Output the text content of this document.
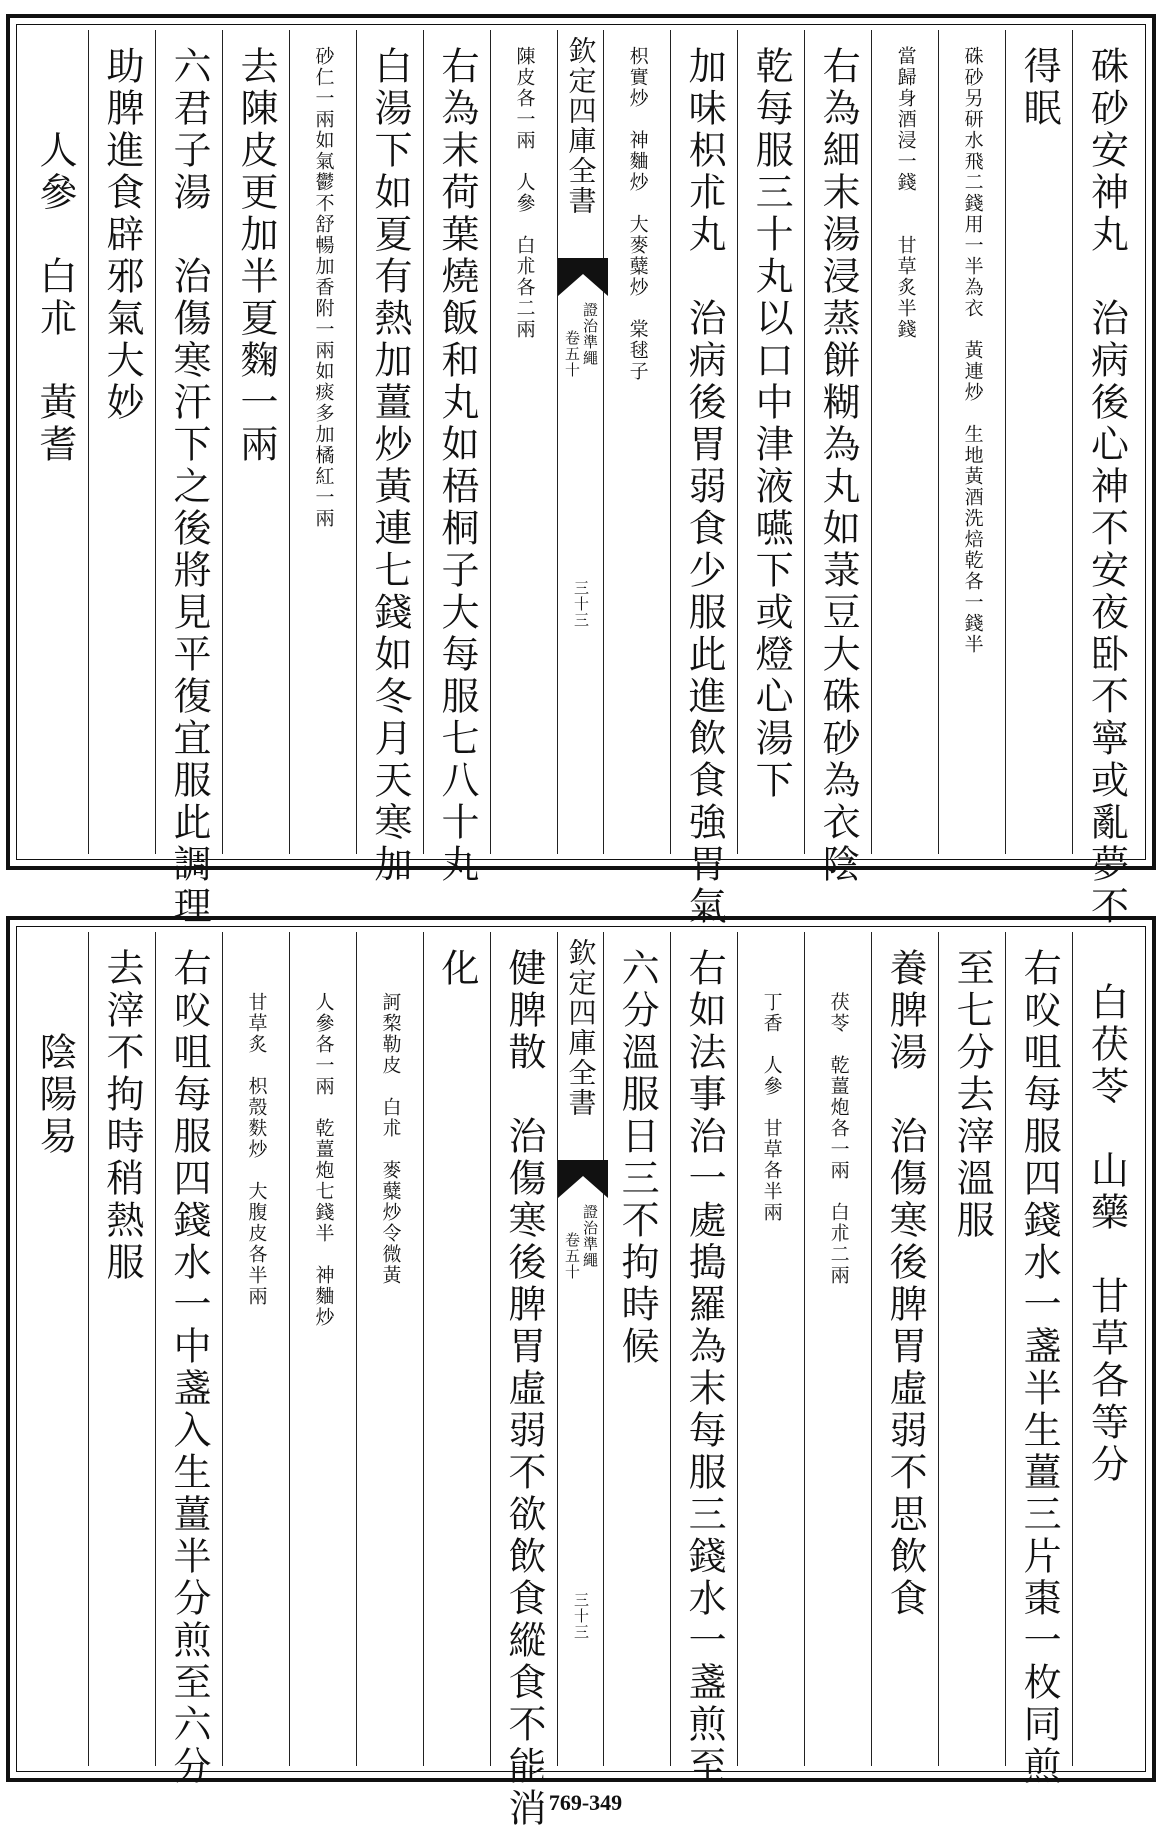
硃砂安神丸　治病後心神不安夜卧不寧或亂夢不
得眠
硃砂另研水飛二錢用一半為衣　黃連炒　生地黃酒洗焙乾各一錢半
當歸身酒浸一錢　　甘草炙半錢
右為細末湯浸蒸餅糊為丸如菉豆大硃砂為衣陰
乾每服三十丸以口中津液嚥下或燈心湯下
加味枳朮丸　治病後胃弱食少服此進飲食強胃氣
枳實炒　神麯炒　大麥糵炒　棠毬子
欽定四庫全書
證治準繩
卷五十
三十三
陳皮各一兩　人參　白朮各二兩
右為末荷葉燒飯和丸如梧桐子大每服七八十丸
白湯下如夏有熱加薑炒黃連七錢如冬月天寒加
砂仁一兩如氣鬱不舒暢加香附一兩如痰多加橘紅一兩
去陳皮更加半夏麴一兩
六君子湯　治傷寒汗下之後將見平復宜服此調理
助脾進食辟邪氣大妙
人參　白朮　黃耆
白茯苓　山藥　甘草各等分
右㕮咀每服四錢水一盞半生薑三片棗一枚同煎
至七分去滓溫服
養脾湯　治傷寒後脾胃虛弱不思飲食
茯苓　乾薑炮各一兩　白朮二兩
丁香　人參　甘草各半兩
右如法事治一處搗羅為末每服三錢水一盞煎至
六分溫服日三不拘時候
欽定四庫全書
證治準繩
卷五十
三十三
健脾散　治傷寒後脾胃虛弱不欲飲食縱食不能消
化
訶棃勒皮　白朮　麥糵炒令微黃
人參各一兩　乾薑炮七錢半　神麯炒
甘草炙　枳殼麩炒　大腹皮各半兩
右㕮咀每服四錢水一中盞入生薑半分煎至六分
去滓不拘時稍熱服
陰陽易
769-349
